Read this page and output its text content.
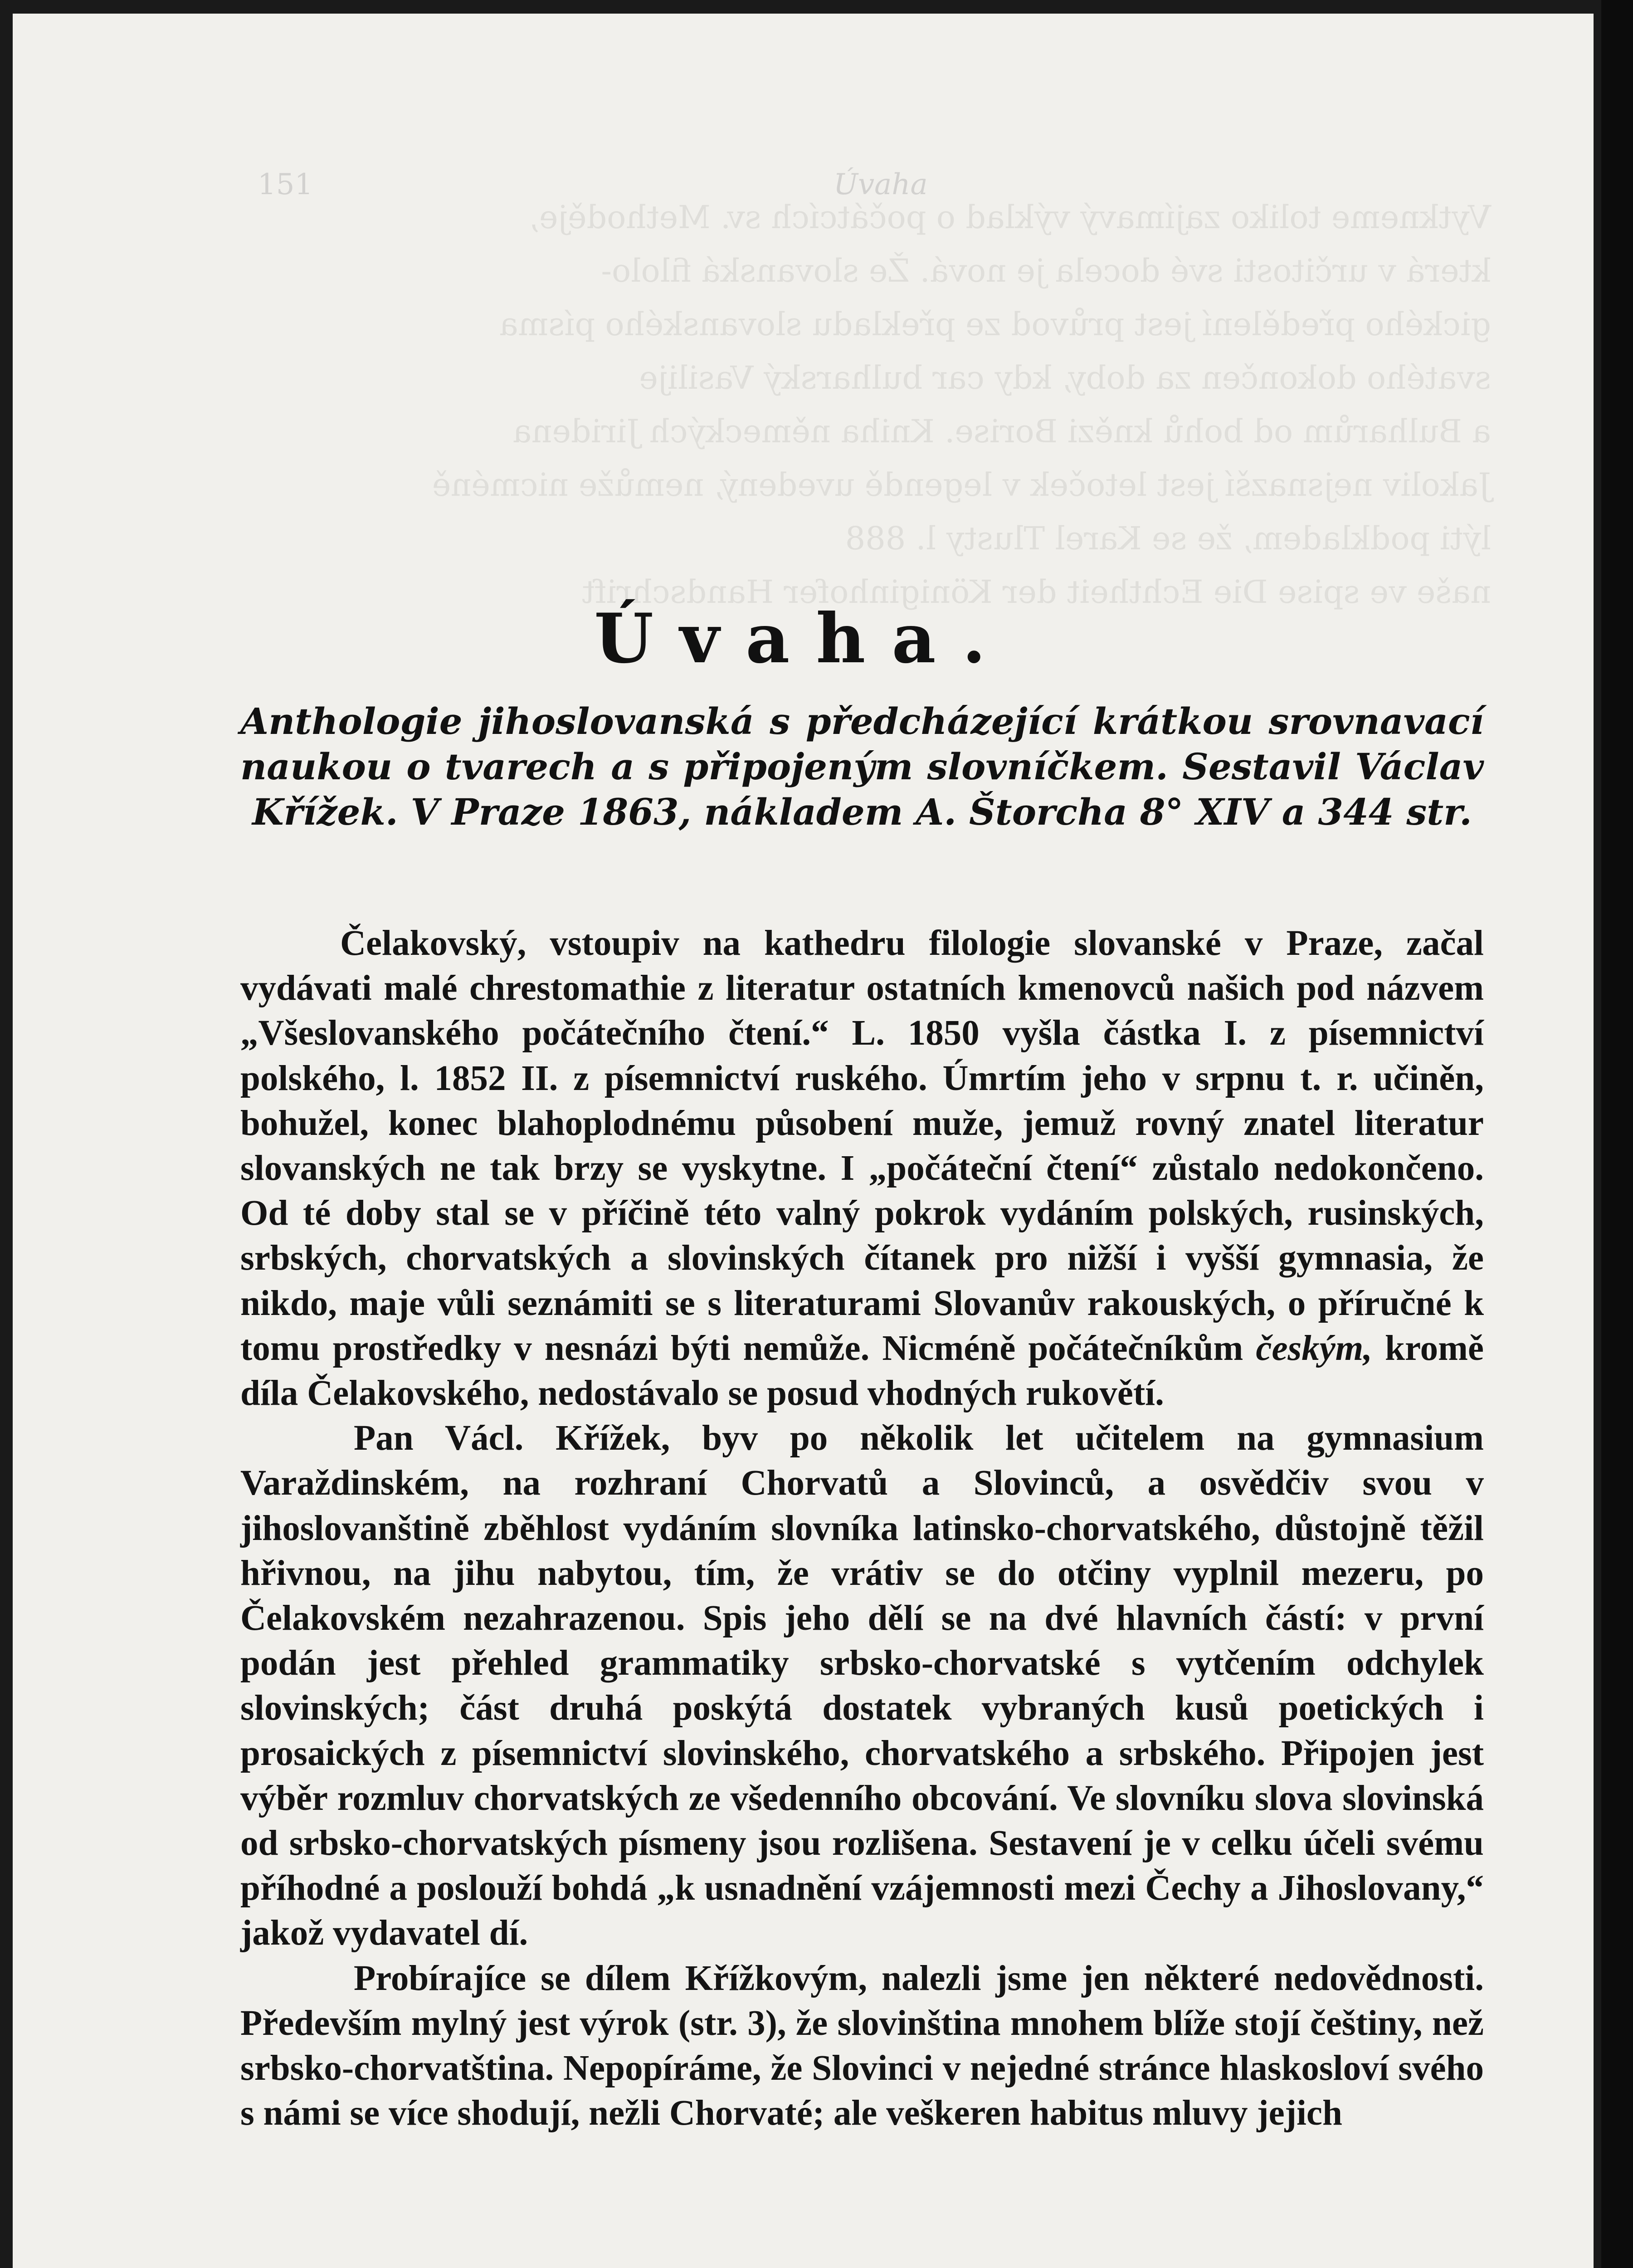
Vytkneme toliko zajímavý výklad o počátcích sv. Methoděje,
která v určitosti své docela je nová. Že slovanská filolo-
gického předělení jest průvod ze překladu slovanského písma
svatého dokončen za doby, kdy car bulharský Vasilije
a Bulharům od bohů knězi Borise. Kniha německých Jiridena
Jakoliv nejsnazší jest letoček v legendě uvedený, nemůže nicméně
lýti podkladem, že se Karel Tlusty l. 888
naše ve spise Die Echtheit der Königinhofer Handschrift
151	Úvaha
Úvaha.
Anthologie jihoslovanská s předcházející krátkou srovnavací naukou o tvarech a s připojeným slovníčkem. Sestavil Václav Křížek. V Praze 1863, nákladem A. Štorcha 8° XIV a 344 str.

Čelakovský, vstoupiv na kathedru filologie slovanské v Praze, začal vydávati malé chrestomathie z literatur ostatních kmenovců našich pod názvem „Všeslovanského počátečního čtení.“ L. 1850 vyšla částka I. z písemnictví polského, l. 1852 II. z písemnictví ruského. Úmrtím jeho v srpnu t. r. učiněn, bohužel, konec blahoplodnému působení muže, jemuž rovný znatel literatur slovanských ne tak brzy se vyskytne. I „počáteční čtení“ zůstalo nedokončeno. Od té doby stal se v příčině této valný pokrok vydáním polských, rusinských, srbských, chorvatských a slovinských čítanek pro nižší i vyšší gymnasia, že nikdo, maje vůli seznámiti se s literaturami Slovanův rakouských, o příručné k tomu prostředky v nesnázi býti nemůže. Nicméně počátečníkům českým, kromě díla Čelakovského, nedostávalo se posud vhodných rukovětí.

Pan Václ. Křížek, byv po několik let učitelem na gymnasium Varaždinském, na rozhraní Chorvatů a Slovinců, a osvědčiv svou v jihoslovanštině zběhlost vydáním slovníka latinsko-chorvatského, důstojně těžil hřivnou, na jihu nabytou, tím, že vrátiv se do otčiny vyplnil mezeru, po Čelakovském nezahrazenou. Spis jeho dělí se na dvé hlavních částí: v první podán jest přehled grammatiky srbsko-chorvatské s vytčením odchylek slovinských; část druhá poskýtá dostatek vybraných kusů poetických i prosaických z písemnictví slovinského, chorvatského a srbského. Připojen jest výběr rozmluv chorvatských ze všedenního obcování. Ve slovníku slova slovinská od srbsko-chorvatských písmeny jsou rozlišena. Sestavení je v celku účeli svému příhodné a poslouží bohdá „k usnadnění vzájemnosti mezi Čechy a Jihoslovany,“ jakož vydavatel dí.

Probírajíce se dílem Křížkovým, nalezli jsme jen některé nedovědnosti. Především mylný jest výrok (str. 3), že slovinština mnohem blíže stojí češtiny, než srbsko-chorvatština. Nepopíráme, že Slovinci v nejedné stránce hlaskosloví svého s námi se více shodují, nežli Chorvaté; ale veškeren habitus mluvy jejich
